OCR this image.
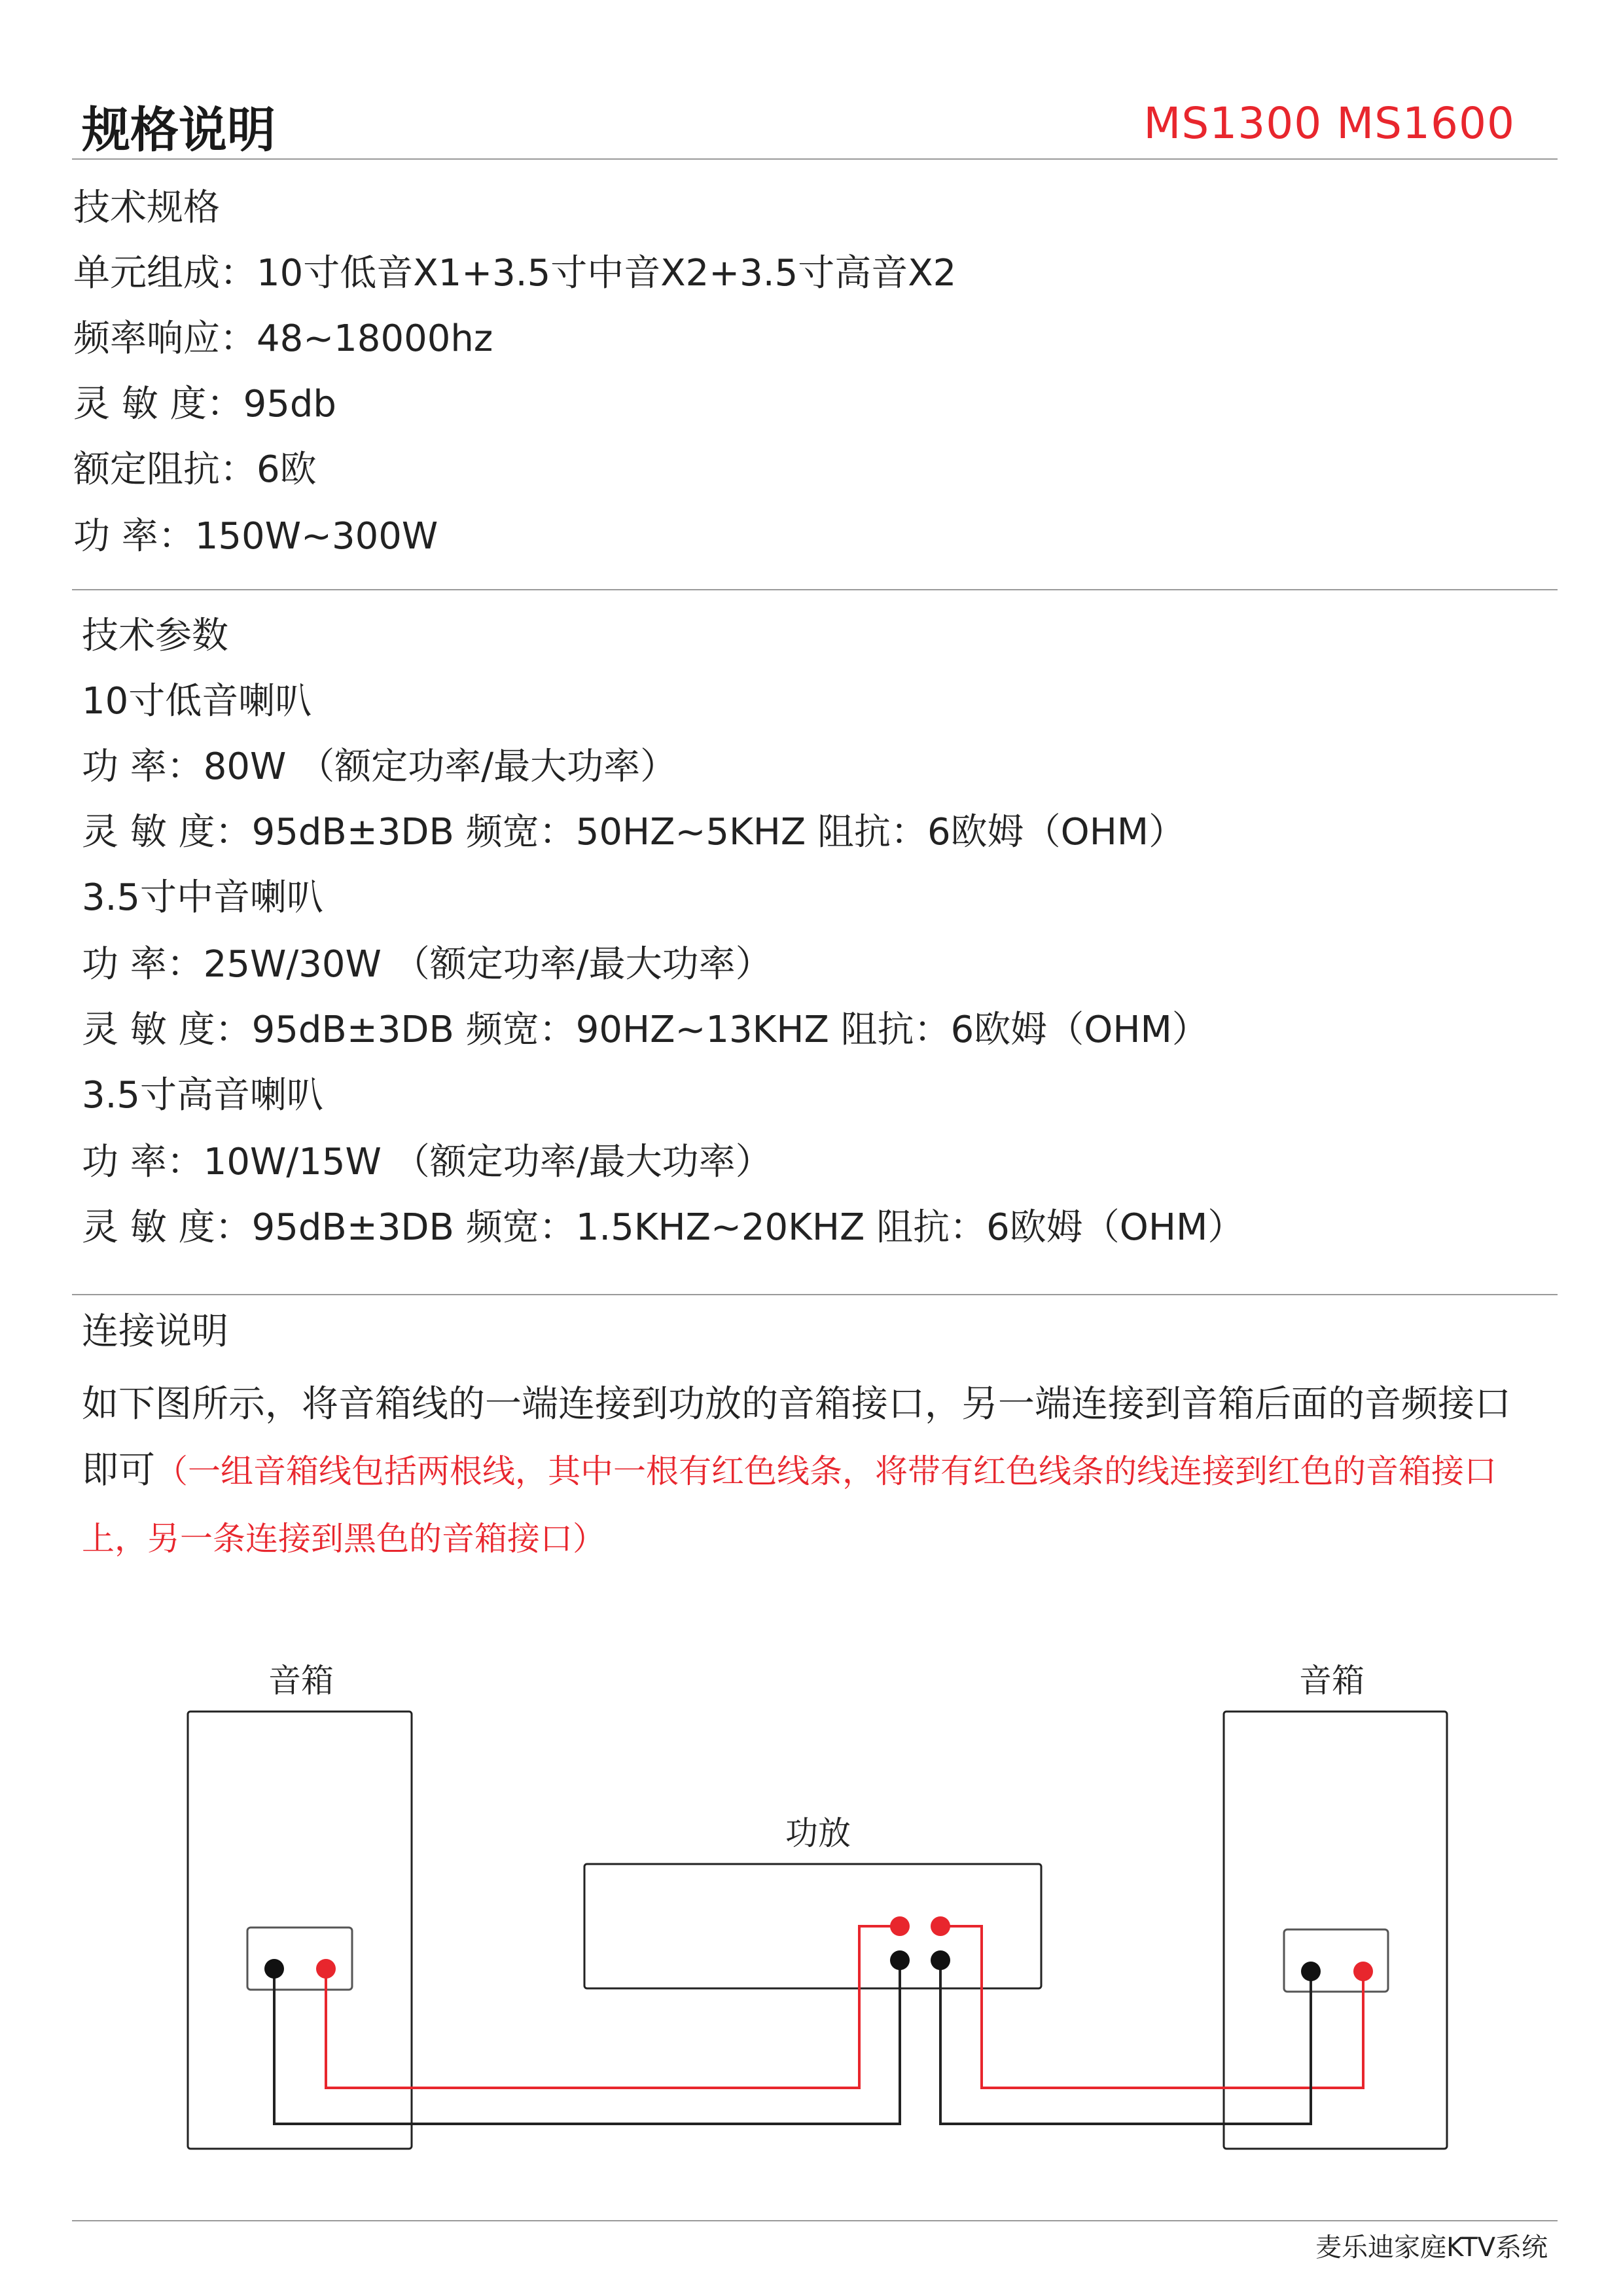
规格说明	MS1300 MS1600
技术规格
单元组成：10寸低音X1+3.5寸中音X2+3.5寸高音X2
频率响应：48~18000hz
灵 敏 度：95db
额定阻抗：6欧
功 率：150W~300W
技术参数
10寸低音喇叭
功 率：80W （额定功率/最大功率）
灵 敏 度：95dB±3DB 频宽：50HZ~5KHZ 阻抗：6欧姆（OHM）
3.5寸中音喇叭
功 率：25W/30W （额定功率/最大功率）
灵 敏 度：95dB±3DB 频宽：90HZ~13KHZ 阻抗：6欧姆（OHM）
3.5寸高音喇叭
功 率：10W/15W （额定功率/最大功率）
灵 敏 度：95dB±3DB 频宽：1.5KHZ~20KHZ 阻抗：6欧姆（OHM）
连接说明
如下图所示，将音箱线的一端连接到功放的音箱接口，另一端连接到音箱后面的音频接口即可（一组音箱线包括两根线，其中一根有红色线条，将带有红色线条的线连接到红色的音箱接口上，另一条连接到黑色的音箱接口）
音箱	音箱
功放
麦乐迪家庭KTV系统
